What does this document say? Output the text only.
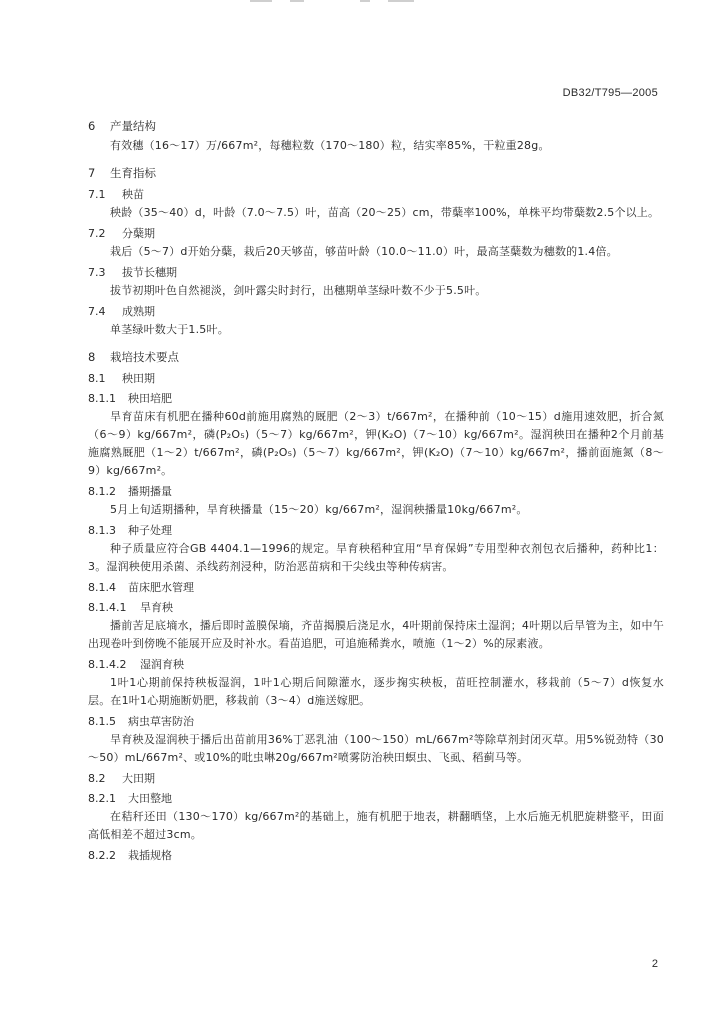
DB32/T795—2005
6 产量结构
有效穗（16～17）万/667m²，每穗粒数（170～180）粒，结实率85%，干粒重28g。
7 生育指标
7.1 秧苗
秧龄（35～40）d，叶龄（7.0～7.5）叶，苗高（20～25）cm，带蘖率100%，单株平均带蘖数2.5个以上。
7.2 分蘖期
栽后（5～7）d开始分蘖，栽后20天够苗，够苗叶龄（10.0～11.0）叶，最高茎蘖数为穗数的1.4倍。
7.3 拔节长穗期
拔节初期叶色自然褪淡，剑叶露尖时封行，出穗期单茎绿叶数不少于5.5叶。
7.4 成熟期
单茎绿叶数大于1.5叶。
8 栽培技术要点
8.1 秧田期
8.1.1 秧田培肥
旱育苗床有机肥在播种60d前施用腐熟的厩肥（2～3）t/667m²，在播种前（10～15）d施用速效肥，折合氮（6～9）kg/667m²，磷(P₂O₅)（5～7）kg/667m²，钾(K₂O)（7～10）kg/667m²。湿润秧田在播种2个月前基施腐熟厩肥（1～2）t/667m²，磷(P₂O₅)（5～7）kg/667m²，钾(K₂O)（7～10）kg/667m²，播前面施氮（8～9）kg/667m²。
8.1.2 播期播量
5月上旬适期播种，旱育秧播量（15～20）kg/667m²，湿润秧播量10kg/667m²。
8.1.3 种子处理
种子质量应符合GB 4404.1—1996的规定。旱育秧稻种宜用“旱育保姆”专用型种衣剂包衣后播种，药种比1：3。湿润秧使用杀菌、杀线药剂浸种，防治恶苗病和干尖线虫等种传病害。
8.1.4 苗床肥水管理
8.1.4.1 旱育秧
播前苦足底墒水，播后即时盖膜保墒，齐苗揭膜后浇足水，4叶期前保持床土湿润；4叶期以后旱管为主，如中午出现卷叶到傍晚不能展开应及时补水。看苗追肥，可追施稀粪水，喷施（1～2）%的尿素液。
8.1.4.2 湿润育秧
1叶1心期前保持秧板湿润，1叶1心期后间隙灌水，逐步掬实秧板，苗旺控制灌水，移栽前（5～7）d恢复水层。在1叶1心期施断奶肥，移栽前（3～4）d施送嫁肥。
8.1.5 病虫草害防治
旱育秧及湿润秧于播后出苗前用36%丁恶乳油（100～150）mL/667m²等除草剂封闭灭草。用5%锐劲特（30～50）mL/667m²、或10%的吡虫啉20g/667m²喷雾防治秧田螟虫、飞虱、稻蓟马等。
8.2 大田期
8.2.1 大田整地
在秸秆还田（130～170）kg/667m²的基础上，施有机肥于地表，耕翻晒垡，上水后施无机肥旋耕整平，田面高低相差不超过3cm。
8.2.2 栽插规格
2
